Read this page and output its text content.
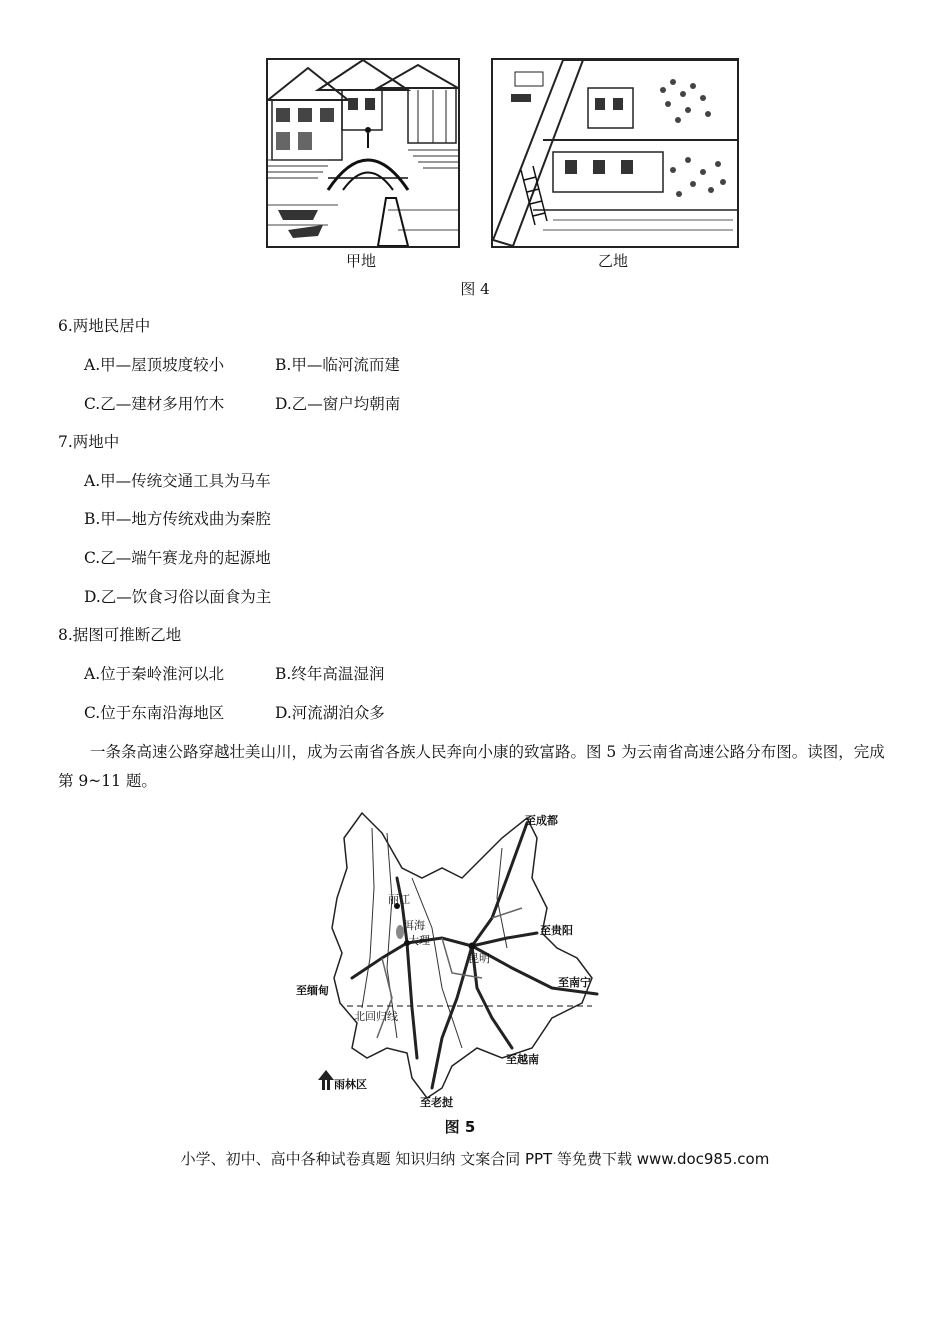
甲地	乙地
图 4
6.两地民居中
A.甲—屋顶坡度较小	B.甲—临河流而建
C.乙—建材多用竹木	D.乙—窗户均朝南
7.两地中
A.甲—传统交通工具为马车
B.甲—地方传统戏曲为秦腔
C.乙—端午赛龙舟的起源地
D.乙—饮食习俗以面食为主
8.据图可推断乙地
A.位于秦岭淮河以北	B.终年高温湿润
C.位于东南沿海地区	D.河流湖泊众多
一条条高速公路穿越壮美山川，成为云南省各族人民奔向小康的致富路。图 5 为云南省高速公路分布图。读图，完成第 9~11 题。
至成都
丽江
至贵阳
洱海
大理
昆明
至南宁
至缅甸
北回归线
至越南
雨林区
至老挝
图 5
小学、初中、高中各种试卷真题 知识归纳 文案合同 PPT 等免费下载 www.doc985.com
